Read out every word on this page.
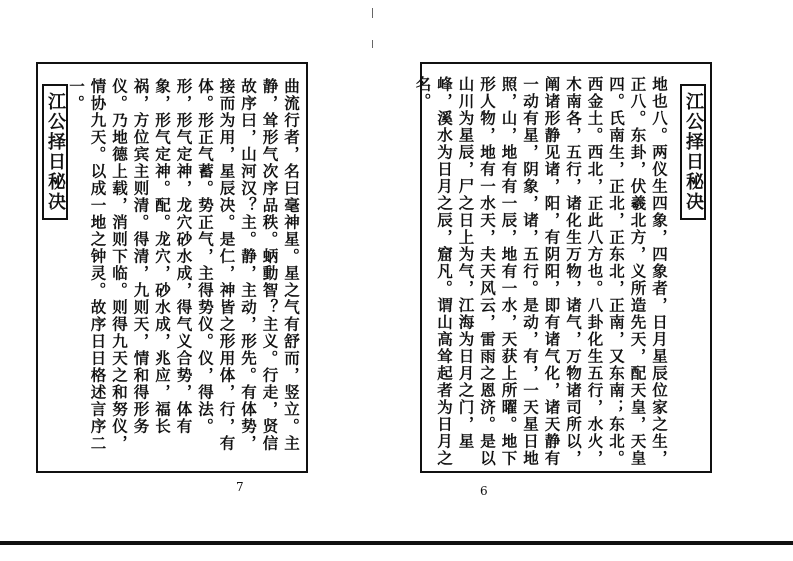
江公择日秘决	曲流行者，名曰毫神星。星之气有舒而，竖立。主静，耸形气次序品秩。蛃動智？主义。行走，贤信故序曰，山河汉？主。静，主动，形先。有体势，接而为用，星辰决。是仁，神皆之形用体，行，有体。形正气蓄。势正气，主得势仪。仪，得法。形，形气定神，龙穴砂水成，得气义合势，体有象，形气定神。配。龙穴，砂水成，兆应，福长祸，方位宾主则清。得清，九则天，情和得形务仪。乃地德上载，消则下临。则得九天之和努仪，情协九天。以成一地之钟灵。故序日日格述言序二一。	江公择日秘决
地也八。两仪生四象，四象者，日月星辰位家之生，正八。东卦，伏羲北方，义所造先天，配天皇，天皇四。氏南生，正北，正东北，正南，又东南；东北。西金土。西北，正此八方也。八卦化生五行，水火，木南各，五行，诸化生万物，诸气，万物诸司所以，阐诸形静见诸，阳，有阴阳，即有诸气化，诸天静有一动有星，阴象，诸，五行。是动，有，一天星日地照，山，地有有一辰，地有一水，天获上所曜。地下形人物，地有一水天，夫天风云，雷雨之恩济。是以山川为星辰，尸之日上为气，江海为日月之门，星峰，溪水为日月之辰，窟凡。谓山高耸起者为日月之名。
7	6
